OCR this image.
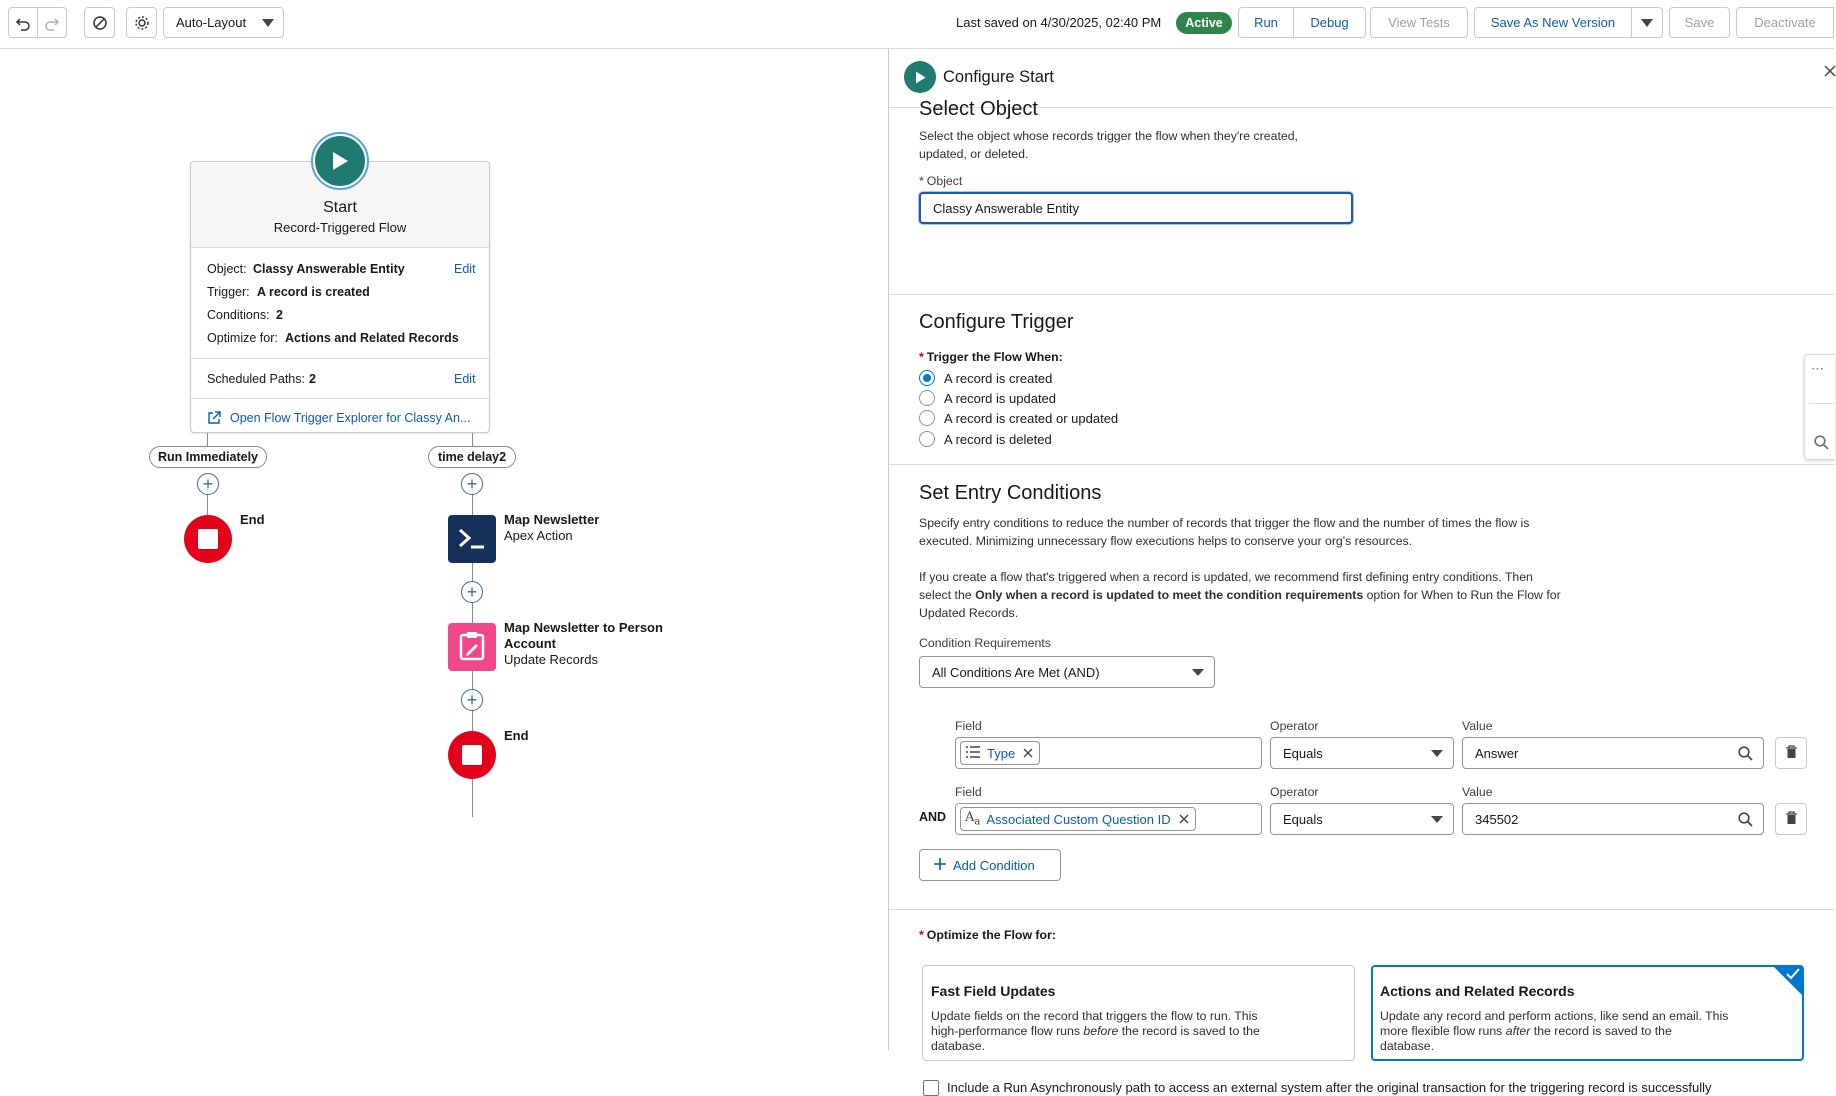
Auto-Layout	Last saved on 4/30/2025, 02:40 PM	Active	Run	Debug	View Tests	Save As New Version	Save	Deactivate
Start
Record-Triggered Flow
Object: Classy Answerable Entity	Edit
Trigger: A record is created
Conditions: 2
Optimize for: Actions and Related Records
Scheduled Paths: 2	Edit
Open Flow Trigger Explorer for Classy An...
Run Immediately	time delay2
+	+
+
+
End	Map Newsletter
Apex Action
Map Newsletter to Person
Account
Update Records
End
Configure Start
Select Object
Select the object whose records trigger the flow when they're created,
updated, or deleted.
* Object
Classy Answerable Entity
Configure Trigger
* Trigger the Flow When:
A record is created
A record is updated
A record is created or updated
A record is deleted
Set Entry Conditions
Specify entry conditions to reduce the number of records that trigger the flow and the number of times the flow is
executed. Minimizing unnecessary flow executions helps to conserve your org's resources.
If you create a flow that's triggered when a record is updated, we recommend first defining entry conditions. Then
select the Only when a record is updated to meet the condition requirements option for When to Run the Flow for
Updated Records.
Condition Requirements
All Conditions Are Met (AND)
Field	Operator	Value
Type	Equals	Answer
Field	Operator	Value
AND $A_a$ Associated Custom Question ID	Equals	345502
Add Condition
* Optimize the Flow for:
Fast Field Updates
Update fields on the record that triggers the flow to run. This
high-performance flow runs before the record is saved to the
database.
Actions and Related Records
Update any record and perform actions, like send an email. This
more flexible flow runs after the record is saved to the
database.
Include a Run Asynchronously path to access an external system after the original transaction for the triggering record is successfully
⋯
